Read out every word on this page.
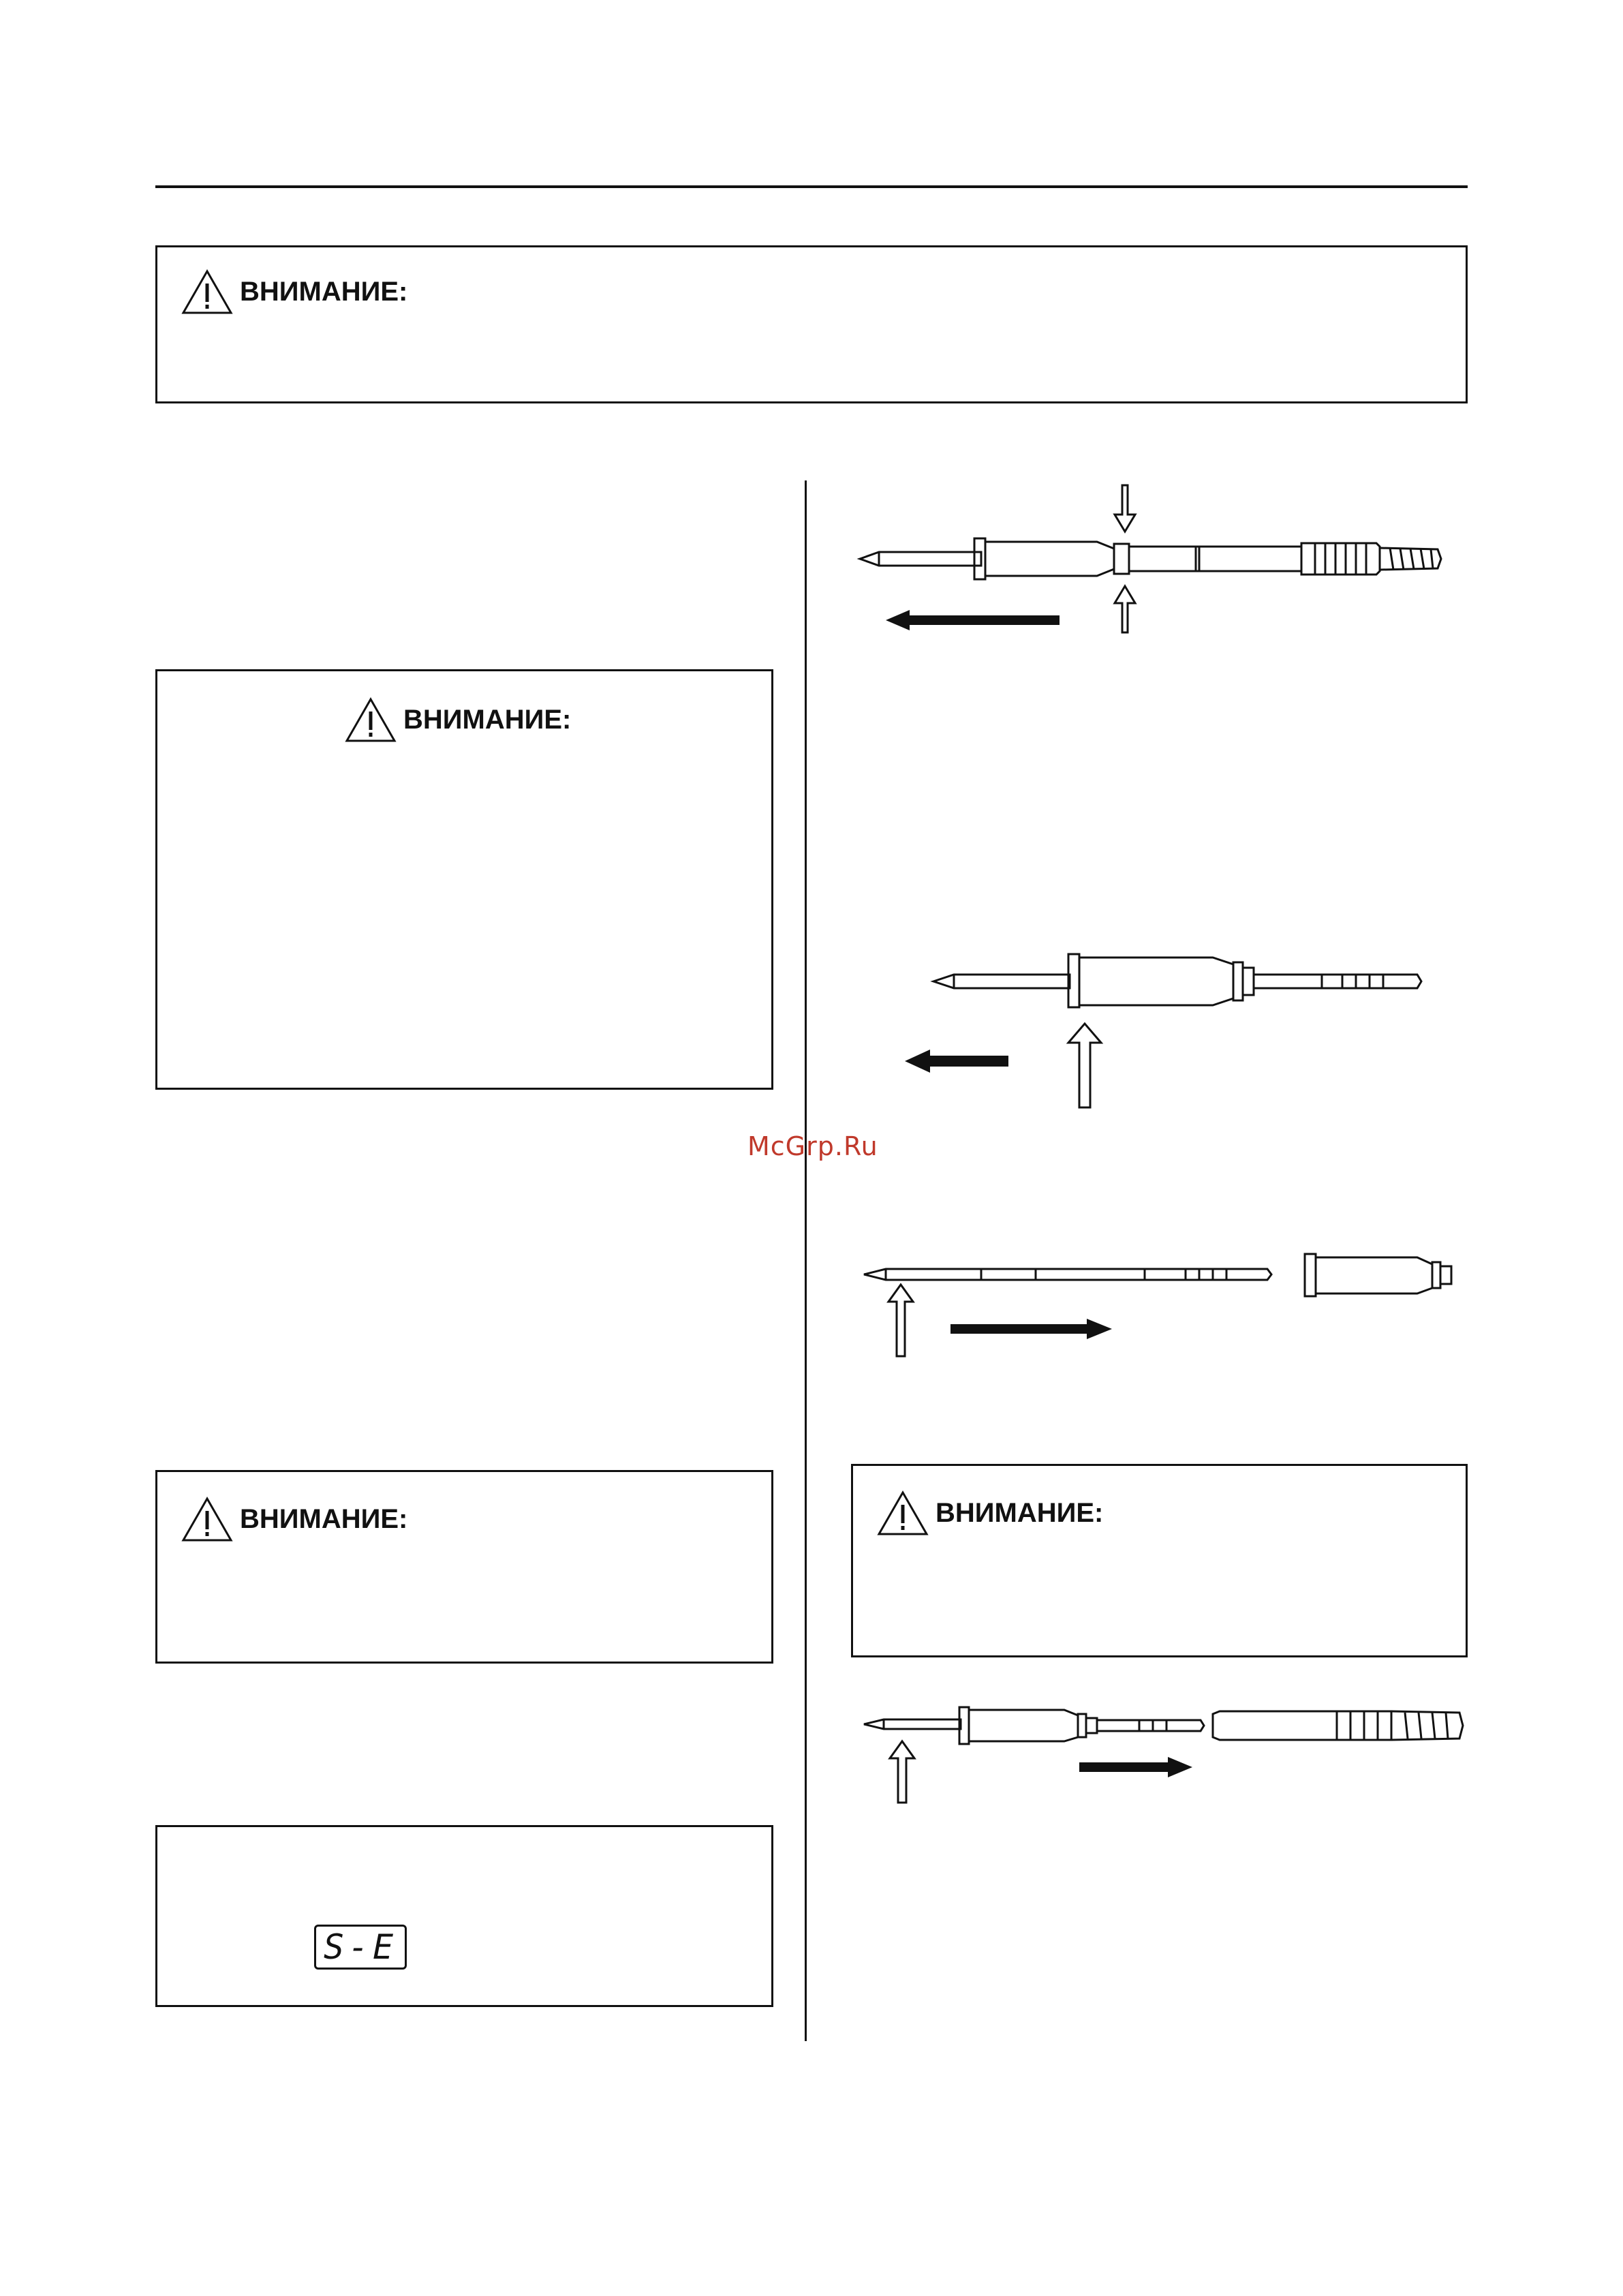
ВНИМАНИЕ:
ВНИМАНИЕ:
McGrp.Ru
ВНИМАНИЕ:
S-E
ВНИМАНИЕ:
